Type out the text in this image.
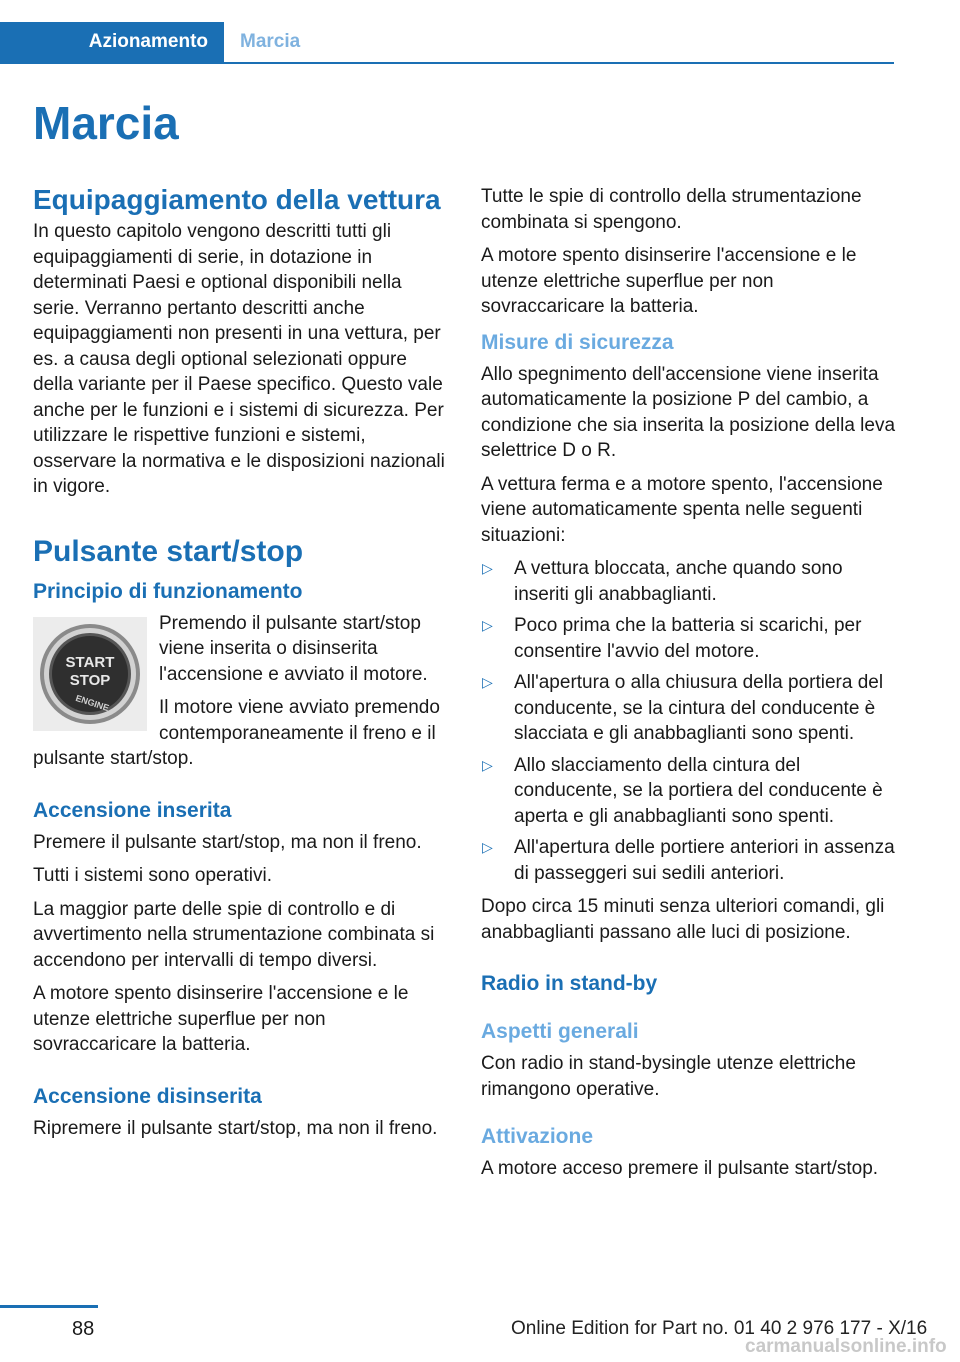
Azionamento	Marcia
Marcia
Equipaggiamento della vettura

In questo capitolo vengono descritti tutti gli equipaggiamenti di serie, in dotazione in determinati Paesi e optional disponibili nella serie. Verranno pertanto descritti anche equipaggiamenti non presenti in una vettura, per es. a causa degli optional selezionati oppure della variante per il Paese specifico. Questo vale anche per le funzioni e i sistemi di sicurezza. Per utilizzare le rispettive funzioni e sistemi, osservare la normativa e le disposizioni nazionali in vigore.

Pulsante start/stop
Principio di funzionamento
START
STOP
ENGINE

Premendo il pulsante start/stop viene inserita o disinserita l'accensione e avviato il motore.

Il motore viene avviato premendo contemporaneamente il freno e il pulsante start/stop.

Accensione inserita

Premere il pulsante start/stop, ma non il freno.

Tutti i sistemi sono operativi.

La maggior parte delle spie di controllo e di avvertimento nella strumentazione combinata si accendono per intervalli di tempo diversi.

A motore spento disinserire l'accensione e le utenze elettriche superflue per non sovraccaricare la batteria.

Accensione disinserita

Ripremere il pulsante start/stop, ma non il freno.

Tutte le spie di controllo della strumentazione combinata si spengono.

A motore spento disinserire l'accensione e le utenze elettriche superflue per non sovraccaricare la batteria.

Misure di sicurezza

Allo spegnimento dell'accensione viene inserita automaticamente la posizione P del cambio, a condizione che sia inserita la posizione della leva selettrice D o R.

A vettura ferma e a motore spento, l'accensione viene automaticamente spenta nelle seguenti situazioni:

▷ A vettura bloccata, anche quando sono inseriti gli anabbaglianti.
▷ Poco prima che la batteria si scarichi, per consentire l'avvio del motore.
▷ All'apertura o alla chiusura della portiera del conducente, se la cintura del conducente è slacciata e gli anabbaglianti sono spenti.
▷ Allo slacciamento della cintura del conducente, se la portiera del conducente è aperta e gli anabbaglianti sono spenti.
▷ All'apertura delle portiere anteriori in assenza di passeggeri sui sedili anteriori.

Dopo circa 15 minuti senza ulteriori comandi, gli anabbaglianti passano alle luci di posizione.

Radio in stand-by
Aspetti generali

Con radio in stand-bysingle utenze elettriche rimangono operative.

Attivazione

A motore acceso premere il pulsante start/stop.

88	Online Edition for Part no. 01 40 2 976 177 - X/16
carmanualsonline.info
